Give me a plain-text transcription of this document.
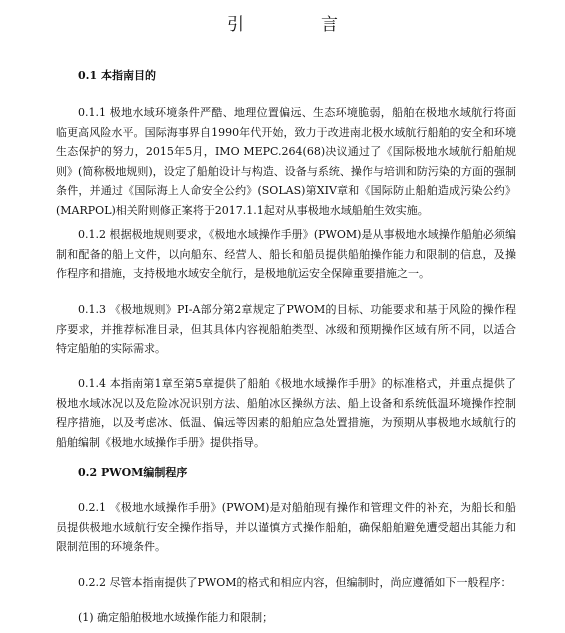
引　言
0.1 本指南目的

0.1.1 极地水域环境条件严酷、地理位置偏远、生态环境脆弱，船舶在极地水域航行将面临更高风险水平。国际海事界自1990年代开始，致力于改进南北极水域航行船舶的安全和环境生态保护的努力，2015年5月，IMO MEPC.264(68)决议通过了《国际极地水域航行船舶规则》(简称极地规则)，设定了船舶设计与构造、设备与系统、操作与培训和防污染的方面的强制条件，并通过《国际海上人命安全公约》(SOLAS)第XIV章和《国际防止船舶造成污染公约》(MARPOL)相关附则修正案将于2017.1.1起对从事极地水域船舶生效实施。

0.1.2 根据极地规则要求，《极地水域操作手册》(PWOM)是从事极地水域操作船舶必须编制和配备的船上文件，以向船东、经营人、船长和船员提供船舶操作能力和限制的信息，及操作程序和措施，支持极地水域安全航行，是极地航运安全保障重要措施之一。

0.1.3 《极地规则》PI-A部分第2章规定了PWOM的目标、功能要求和基于风险的操作程序要求，并推荐标准目录，但其具体内容视船舶类型、冰级和预期操作区域有所不同，以适合特定船舶的实际需求。

0.1.4 本指南第1章至第5章提供了船舶《极地水域操作手册》的标准格式，并重点提供了极地水域冰况以及危险冰况识别方法、船舶冰区操纵方法、船上设备和系统低温环境操作控制程序措施，以及考虑冰、低温、偏远等因素的船舶应急处置措施，为预期从事极地水域航行的船舶编制《极地水域操作手册》提供指导。

0.2 PWOM编制程序

0.2.1 《极地水域操作手册》(PWOM)是对船舶现有操作和管理文件的补充，为船长和船员提供极地水域航行安全操作指导，并以谨慎方式操作船舶，确保船舶避免遭受超出其能力和限制范围的环境条件。

0.2.2 尽管本指南提供了PWOM的格式和相应内容，但编制时，尚应遵循如下一般程序：

(1) 确定船舶极地水域操作能力和限制；
